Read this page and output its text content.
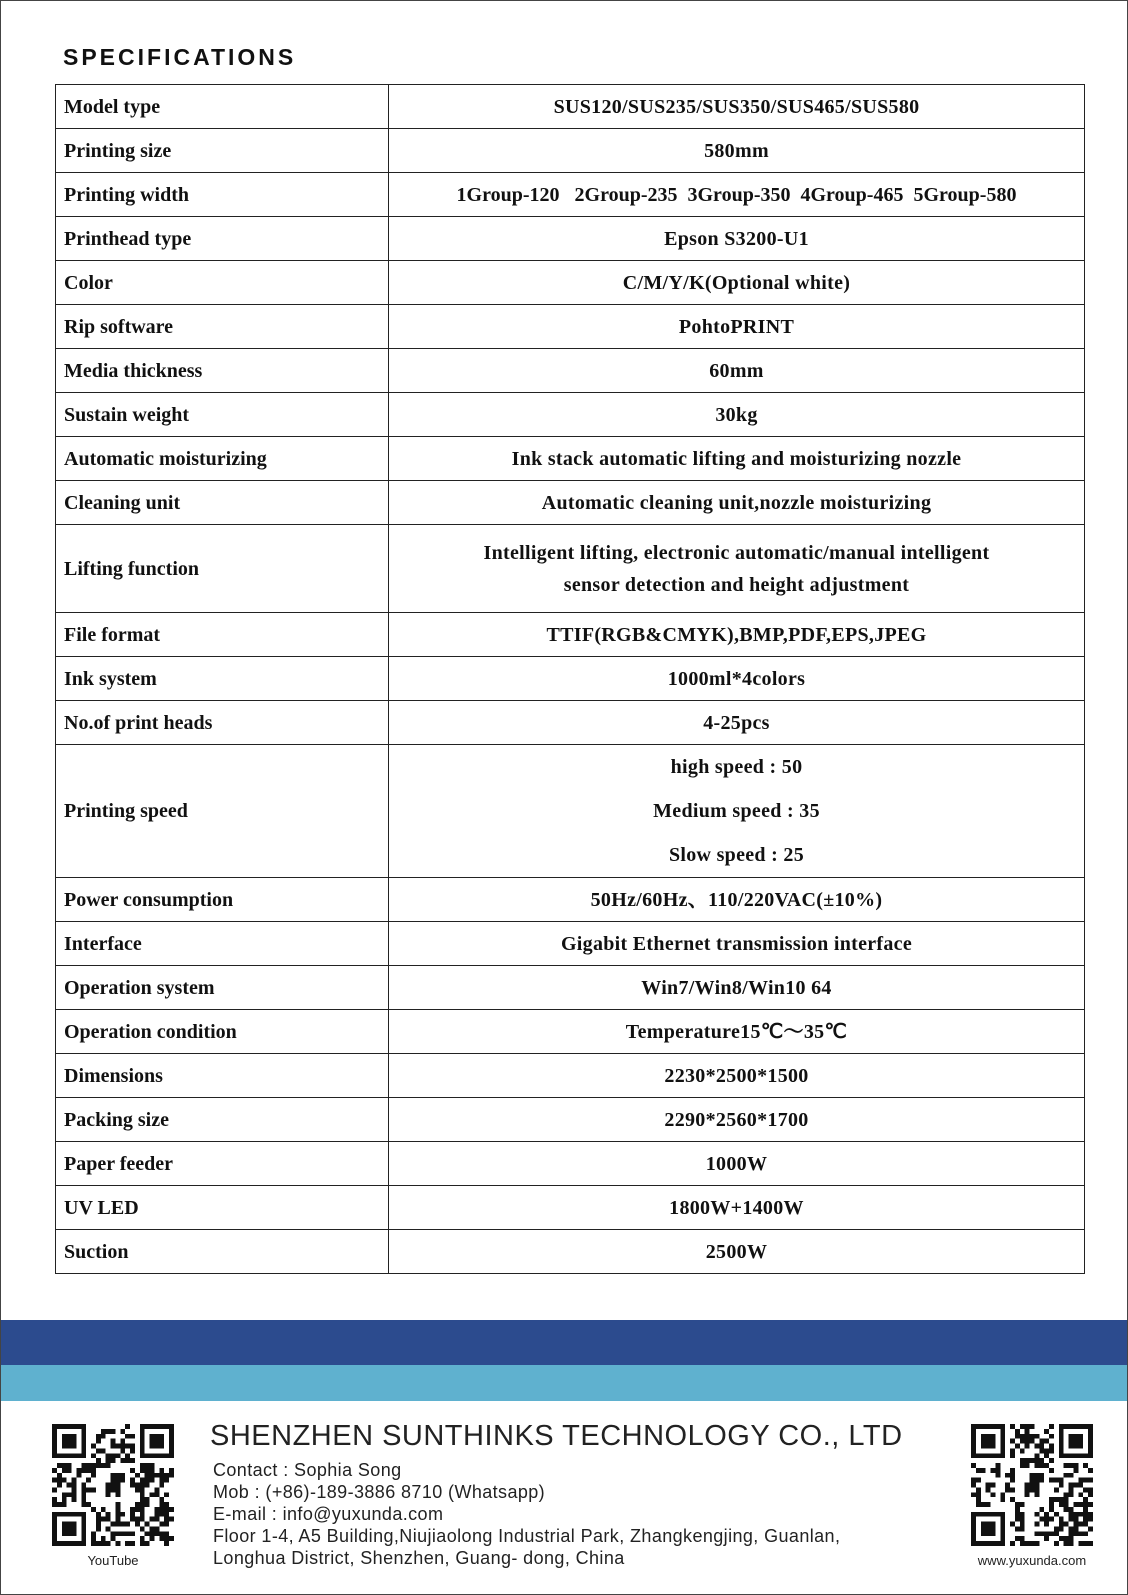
SPECIFICATIONS
Model type	SUS120/SUS235/SUS350/SUS465/SUS580
Printing size	580mm
Printing width	1Group-120   2Group-235  3Group-350  4Group-465  5Group-580
Printhead type	Epson S3200-U1
Color	C/M/Y/K(Optional white)
Rip software	PohtoPRINT
Media thickness	60mm
Sustain weight	30kg
Automatic moisturizing	Ink stack automatic lifting and moisturizing nozzle
Cleaning unit	Automatic cleaning unit,nozzle moisturizing
Lifting function	Intelligent lifting, electronic automatic/manual intelligent
sensor detection and height adjustment

File format	TTIF(RGB&CMYK),BMP,PDF,EPS,JPEG
Ink system	1000ml*4colors
No.of print heads	4-25pcs
Printing speed	high speed : 50
Medium speed : 35
Slow speed : 25

Power consumption	50Hz/60Hz、110/220VAC(±10%)
Interface	Gigabit Ethernet transmission interface
Operation system	Win7/Win8/Win10 64
Operation condition	Temperature15℃～35℃
Dimensions	2230*2500*1500
Packing size	2290*2560*1700
Paper feeder	1000W
UV LED	1800W+1400W
Suction	2500W
YouTube
SHENZHEN SUNTHINKS TECHNOLOGY CO., LTD
Contact : Sophia Song
Mob : (+86)-189-3886 8710 (Whatsapp)
E-mail : info@yuxunda.com
Floor 1-4, A5 Building,Niujiaolong Industrial Park, Zhangkengjing, Guanlan,
Longhua District, Shenzhen, Guang- dong, China	www.yuxunda.com
